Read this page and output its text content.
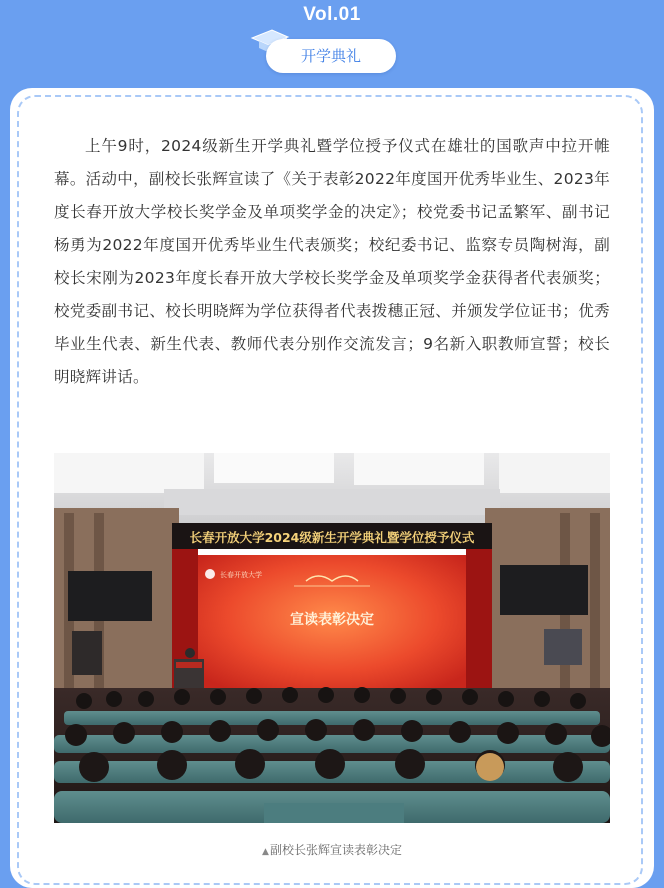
Vol.01
开学典礼

上午9时，2024级新生开学典礼暨学位授予仪式在雄壮的国歌声中拉开帷幕。活动中，副校长张辉宣读了《关于表彰2022年度国开优秀毕业生、2023年度长春开放大学校长奖学金及单项奖学金的决定》；校党委书记孟繁军、副书记杨勇为2022年度国开优秀毕业生代表颁奖；校纪委书记、监察专员陶树海，副校长宋刚为2023年度长春开放大学校长奖学金及单项奖学金获得者代表颁奖；校党委副书记、校长明晓辉为学位获得者代表拨穗正冠、并颁发学位证书；优秀毕业生代表、新生代表、教师代表分别作交流发言；9名新入职教师宣誓；校长明晓辉讲话。

长春开放大学2024级新生开学典礼暨学位授予仪式
长春开放大学
宣读表彰决定
▲副校长张辉宣读表彰决定
